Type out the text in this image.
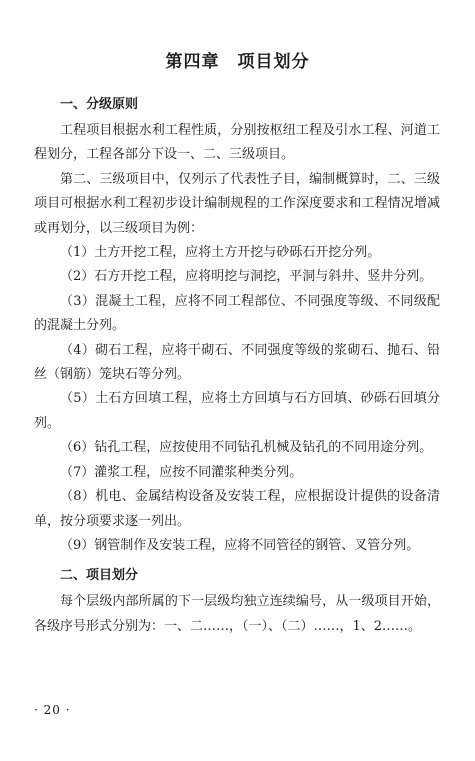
第四章　项目划分
一、分级原则

工程项目根据水利工程性质，分别按枢纽工程及引水工程、河道工程划分，工程各部分下设一、二、三级项目。

第二、三级项目中，仅列示了代表性子目，编制概算时，二、三级项目可根据水利工程初步设计编制规程的工作深度要求和工程情况增减或再划分，以三级项目为例：

（1）土方开挖工程，应将土方开挖与砂砾石开挖分列。

（2）石方开挖工程，应将明挖与洞挖，平洞与斜井、竖井分列。

（3）混凝土工程，应将不同工程部位、不同强度等级、不同级配的混凝土分列。

（4）砌石工程，应将干砌石、不同强度等级的浆砌石、抛石、铅丝（钢筋）笼块石等分列。

（5）土石方回填工程，应将土方回填与石方回填、砂砾石回填分列。

（6）钻孔工程，应按使用不同钻孔机械及钻孔的不同用途分列。

（7）灌浆工程，应按不同灌浆种类分列。

（8）机电、金属结构设备及安装工程，应根据设计提供的设备清单，按分项要求逐一列出。

（9）钢管制作及安装工程，应将不同管径的钢管、叉管分列。

二、项目划分

每个层级内部所属的下一层级均独立连续编号，从一级项目开始，各级序号形式分别为：一、二……，（一）、（二）……，1、2……。

· 20 ·
